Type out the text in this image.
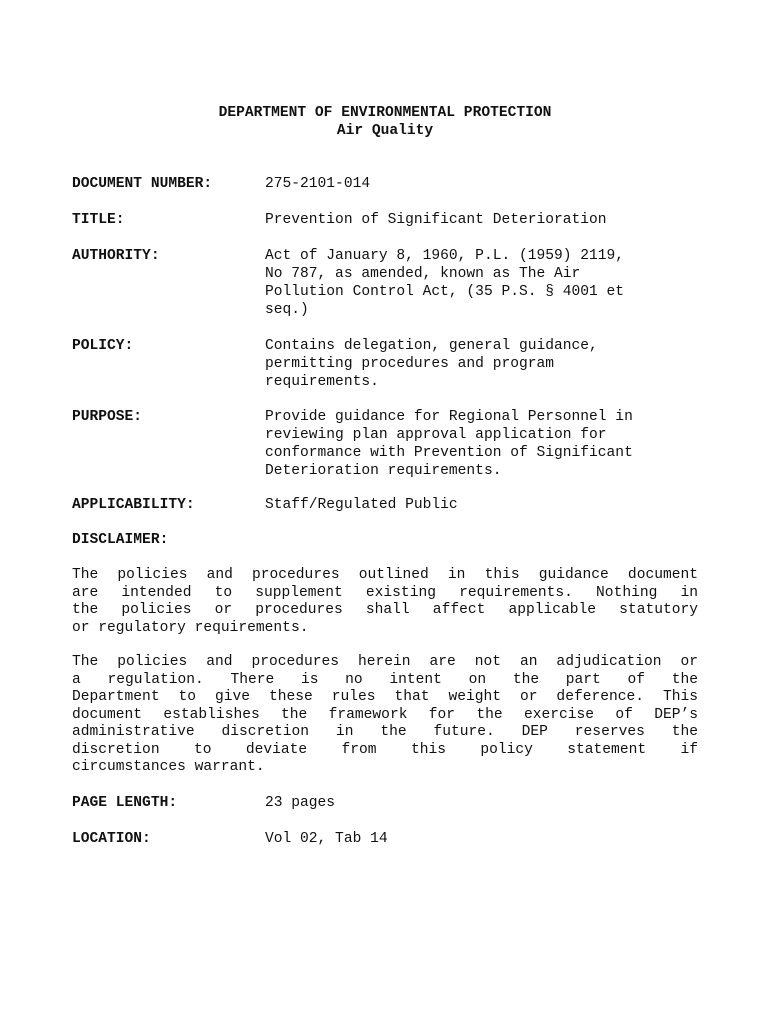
DEPARTMENT OF ENVIRONMENTAL PROTECTION
Air Quality
DOCUMENT NUMBER:	275-2101-014
TITLE:	Prevention of Significant Deterioration
AUTHORITY:	Act of January 8, 1960, P.L. (1959) 2119,
No 787, as amended, known as The Air
Pollution Control Act, (35 P.S. § 4001 et
seq.)
POLICY:	Contains delegation, general guidance,
permitting procedures and program
requirements.
PURPOSE:	Provide guidance for Regional Personnel in
reviewing plan approval application for
conformance with Prevention of Significant
Deterioration requirements.
APPLICABILITY:	Staff/Regulated Public
DISCLAIMER:
The policies and procedures outlined in this guidance document
are intended to supplement existing requirements. Nothing in
the policies or procedures shall affect applicable statutory
or regulatory requirements.
The policies and procedures herein are not an adjudication or
a regulation. There is no intent on the part of the
Department to give these rules that weight or deference. This
document establishes the framework for the exercise of DEP’s
administrative discretion in the future. DEP reserves the
discretion to deviate from this policy statement if
circumstances warrant.
PAGE LENGTH:	23 pages
LOCATION:	Vol 02, Tab 14
